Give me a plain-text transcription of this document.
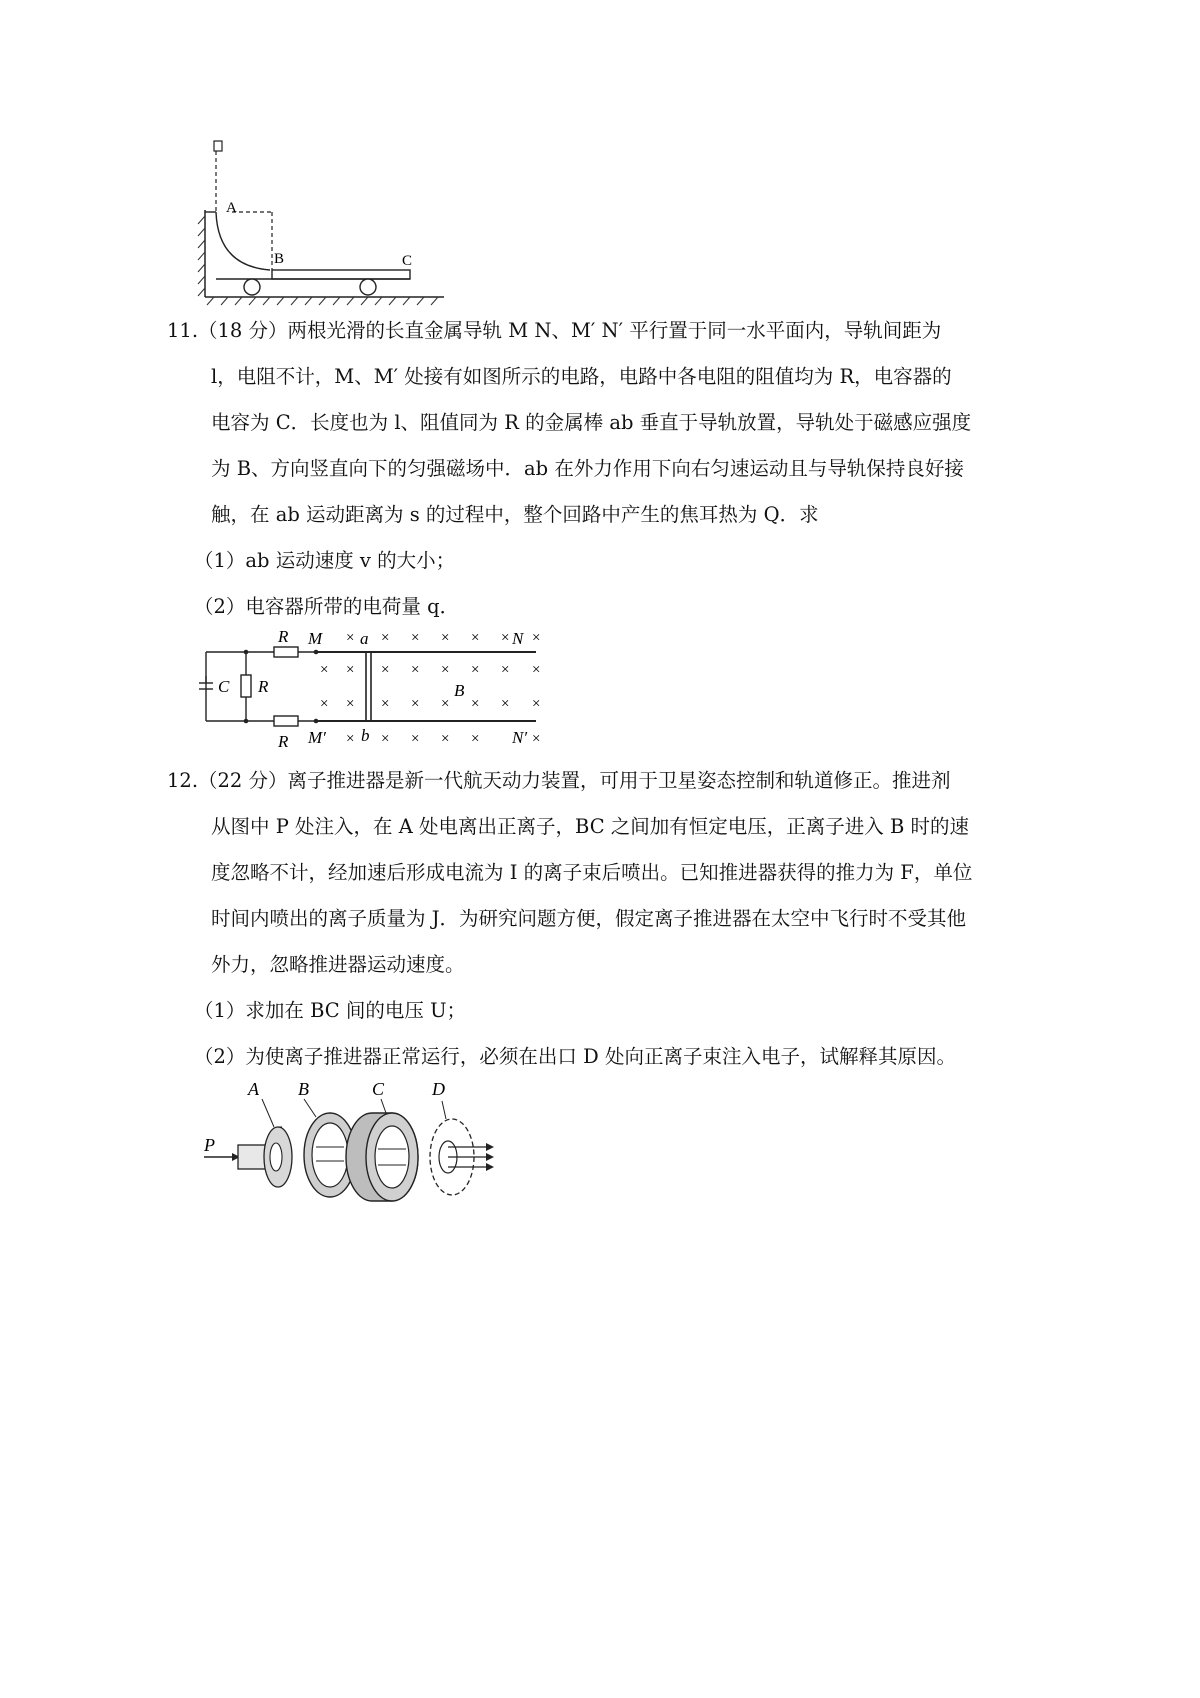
A
B	C
11.（18 分）两根光滑的长直金属导轨 M N、M′ N′ 平行置于同一水平面内，导轨间距为
l，电阻不计，M、M′ 处接有如图所示的电路，电路中各电阻的阻值均为 R，电容器的
电容为 C．长度也为 l、阻值同为 R 的金属棒 ab 垂直于导轨放置，导轨处于磁感应强度
为 B、方向竖直向下的匀强磁场中．ab 在外力作用下向右匀速运动且与导轨保持良好接
触，在 ab 运动距离为 s 的过程中，整个回路中产生的焦耳热为 Q．求
（1）ab 运动速度 v 的大小；
（2）电容器所带的电荷量 q．
R M a	N
C R	B
R M′ b	N′
× × × × × × ×
× × × × × × × ×
× × × × × × × ×
× × × × ×	×
12.（22 分）离子推进器是新一代航天动力装置，可用于卫星姿态控制和轨道修正。推进剂
从图中 P 处注入，在 A 处电离出正离子，BC 之间加有恒定电压，正离子进入 B 时的速
度忽略不计，经加速后形成电流为 I 的离子束后喷出。已知推进器获得的推力为 F，单位
时间内喷出的离子质量为 J．为研究问题方便，假定离子推进器在太空中飞行时不受其他
外力，忽略推进器运动速度。
（1）求加在 BC 间的电压 U；
（2）为使离子推进器正常运行，必须在出口 D 处向正离子束注入电子，试解释其原因。
P
A B	C	D
